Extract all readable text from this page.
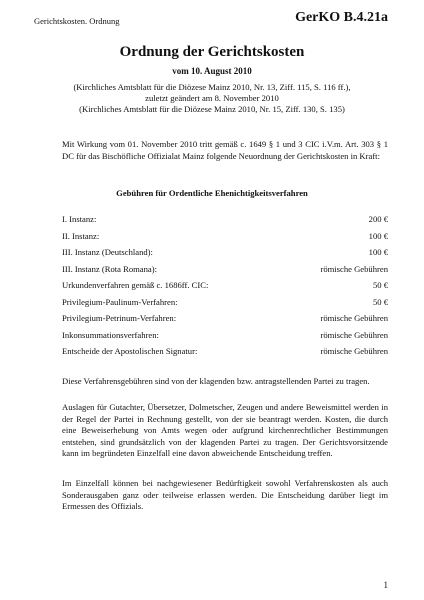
Gerichtskosten. Ordnung	GerKO B.4.21a
Ordnung der Gerichtskosten
vom 10. August 2010
(Kirchliches Amtsblatt für die Diözese Mainz 2010, Nr. 13, Ziff. 115, S. 116 ff.),
zuletzt geändert am 8. November 2010
(Kirchliches Amtsblatt für die Diözese Mainz 2010, Nr. 15, Ziff. 130, S. 135)
Mit Wirkung vom 01. November 2010 tritt gemäß c. 1649 § 1 und 3 CIC i.V.m. Art. 303 § 1 DC für das Bischöfliche Offizialat Mainz folgende Neuordnung der Gerichtskosten in Kraft:
Gebühren für Ordentliche Ehenichtigkeitsverfahren
I. Instanz:	200 €
II. Instanz:	100 €
III. Instanz (Deutschland):	100 €
III. Instanz (Rota Romana):	römische Gebühren
Urkundenverfahren gemäß c. 1686ff. CIC:	50 €
Privilegium-Paulinum-Verfahren:	50 €
Privilegium-Petrinum-Verfahren:	römische Gebühren
Inkonsummationsverfahren:	römische Gebühren
Entscheide der Apostolischen Signatur:	römische Gebühren
Diese Verfahrensgebühren sind von der klagenden bzw. antragstellenden Partei zu tragen.
Auslagen für Gutachter, Übersetzer, Dolmetscher, Zeugen und andere Beweismittel werden in der Regel der Partei in Rechnung gestellt, von der sie beantragt werden. Kosten, die durch eine Beweiserhebung von Amts wegen oder aufgrund kirchenrechtlicher Bestimmungen entstehen, sind grundsätzlich von der klagenden Partei zu tragen. Der Gerichtsvorsitzende kann im begründeten Einzelfall eine davon abweichende Entscheidung treffen.
Im Einzelfall können bei nachgewiesener Bedürftigkeit sowohl Verfahrenskosten als auch Sonderausgaben ganz oder teilweise erlassen werden. Die Entscheidung darüber liegt im Ermessen des Offizials.
1
